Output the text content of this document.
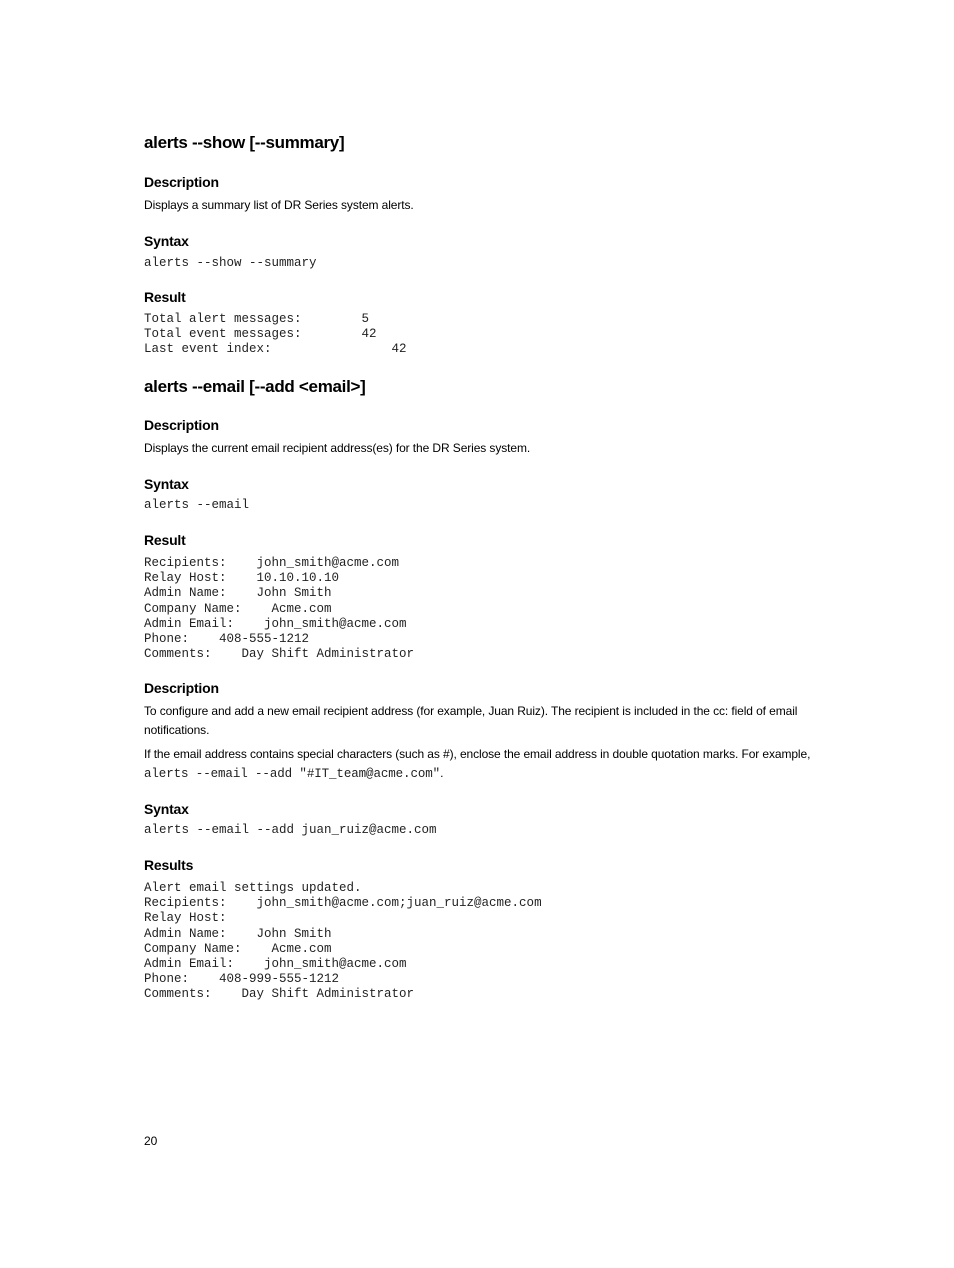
alerts --show [--summary]
Description

Displays a summary list of DR Series system alerts.

Syntax
alerts --show --summary
Result
Total alert messages:        5
Total event messages:        42
Last event index:                42
alerts --email [--add <email>]
Description

Displays the current email recipient address(es) for the DR Series system.

Syntax
alerts --email
Result
Recipients:    john_smith@acme.com
Relay Host:    10.10.10.10
Admin Name:    John Smith
Company Name:    Acme.com
Admin Email:    john_smith@acme.com
Phone:    408-555-1212
Comments:    Day Shift Administrator
Description

To configure and add a new email recipient address (for example, Juan Ruiz). The recipient is included in the cc: field of email notifications.

If the email address contains special characters (such as #), enclose the email address in double quotation marks. For example, alerts --email --add "#IT_team@acme.com".

Syntax
alerts --email --add juan_ruiz@acme.com
Results
Alert email settings updated.
Recipients:    john_smith@acme.com;juan_ruiz@acme.com
Relay Host:
Admin Name:    John Smith
Company Name:    Acme.com
Admin Email:    john_smith@acme.com
Phone:    408-999-555-1212
Comments:    Day Shift Administrator
20
